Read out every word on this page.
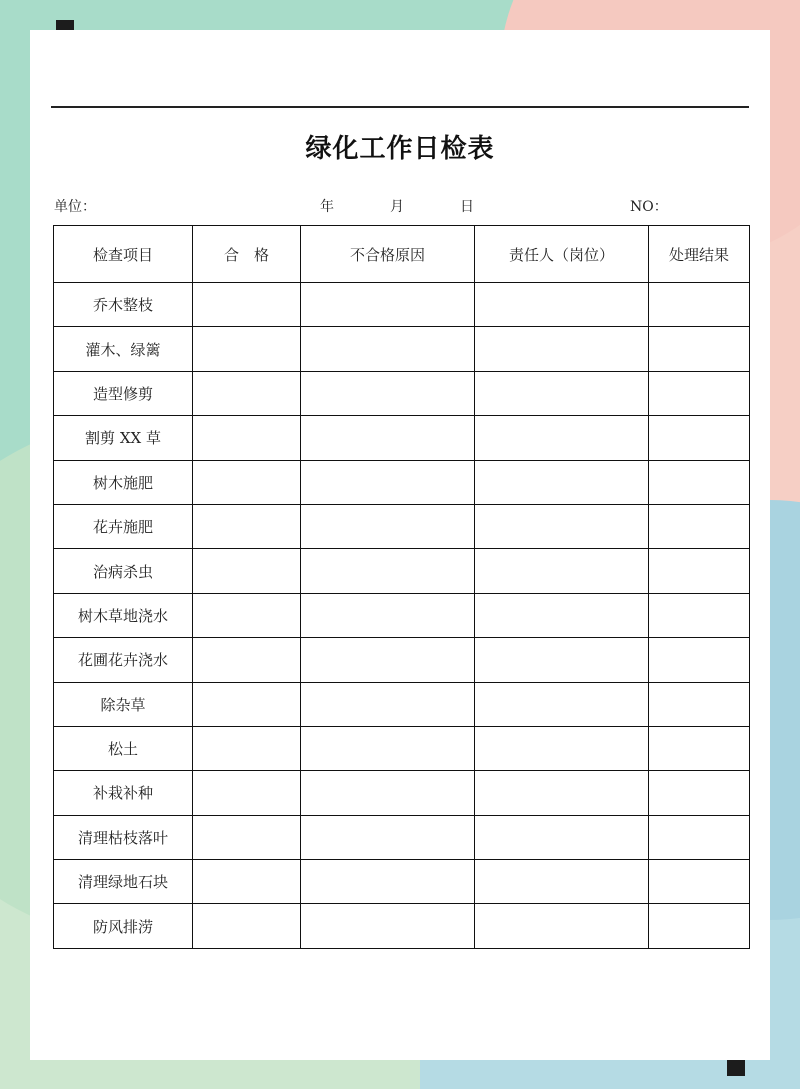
绿化工作日检表
单位：	年	月	日	NO：
检查项目	合　格	不合格原因	责任人（岗位）	处理结果
乔木整枝				
灌木、绿篱				
造型修剪				
割剪 XX 草				
树木施肥				
花卉施肥				
治病杀虫				
树木草地浇水				
花圃花卉浇水				
除杂草				
松土				
补栽补种				
清理枯枝落叶				
清理绿地石块				
防风排涝				
